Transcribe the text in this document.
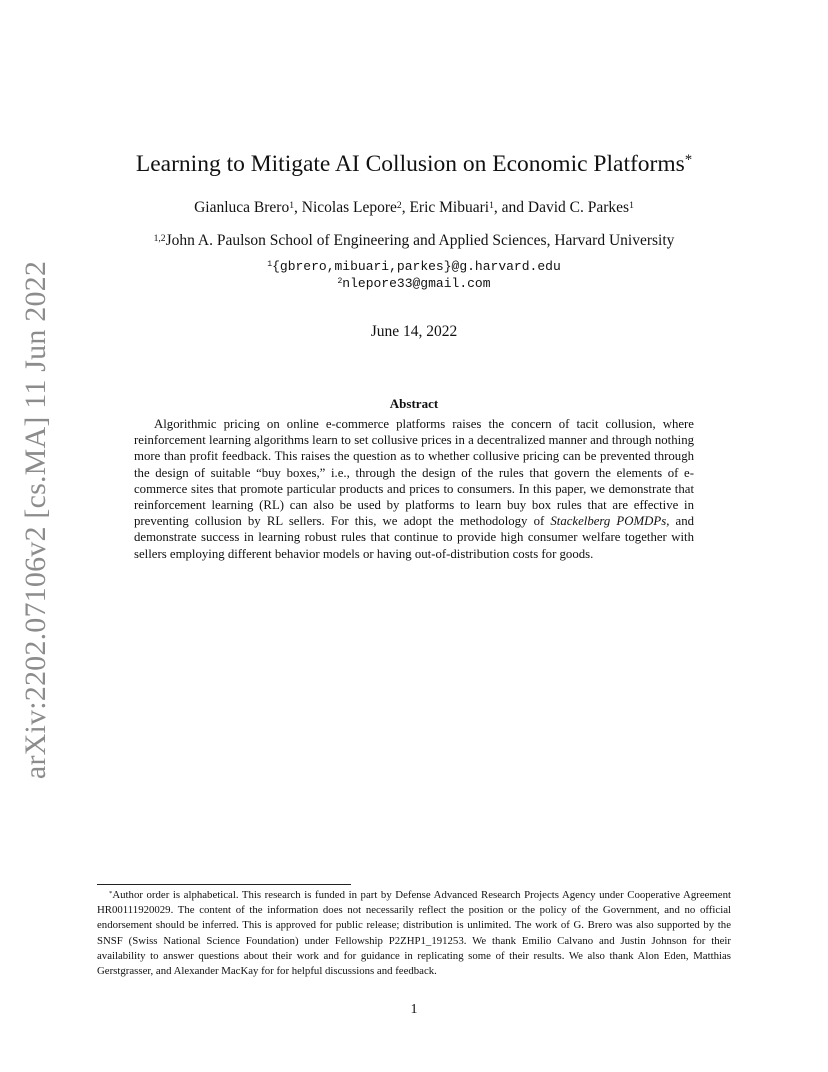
arXiv:2202.07106v2 [cs.MA] 11 Jun 2022
Learning to Mitigate AI Collusion on Economic Platforms*
Gianluca Brero$^1$, Nicolas Lepore$^2$, Eric Mibuari$^1$, and David C. Parkes$^1$
$^{1,2}$John A. Paulson School of Engineering and Applied Sciences, Harvard University
$^1${gbrero,mibuari,parkes}@g.harvard.edu
$^2$nlepore33@gmail.com
June 14, 2022
Abstract

Algorithmic pricing on online e-commerce platforms raises the concern of tacit collusion, where reinforcement learning algorithms learn to set collusive prices in a decentralized manner and through nothing more than profit feedback. This raises the question as to whether collusive pricing can be prevented through the design of suitable “buy boxes,” i.e., through the design of the rules that govern the elements of e-commerce sites that promote particular products and prices to consumers. In this paper, we demonstrate that reinforcement learning (RL) can also be used by platforms to learn buy box rules that are effective in preventing collusion by RL sellers. For this, we adopt the methodology of Stackelberg POMDPs, and demonstrate success in learning robust rules that continue to provide high consumer welfare together with sellers employing different behavior models or having out-of-distribution costs for goods.

*Author order is alphabetical. This research is funded in part by Defense Advanced Research Projects Agency under Cooperative Agreement HR00111920029. The content of the information does not necessarily reflect the position or the policy of the Government, and no official endorsement should be inferred. This is approved for public release; distribution is unlimited. The work of G. Brero was also supported by the SNSF (Swiss National Science Foundation) under Fellowship P2ZHP1_191253. We thank Emilio Calvano and Justin Johnson for their availability to answer questions about their work and for guidance in replicating some of their results. We also thank Alon Eden, Matthias Gerstgrasser, and Alexander MacKay for for helpful discussions and feedback.

1
